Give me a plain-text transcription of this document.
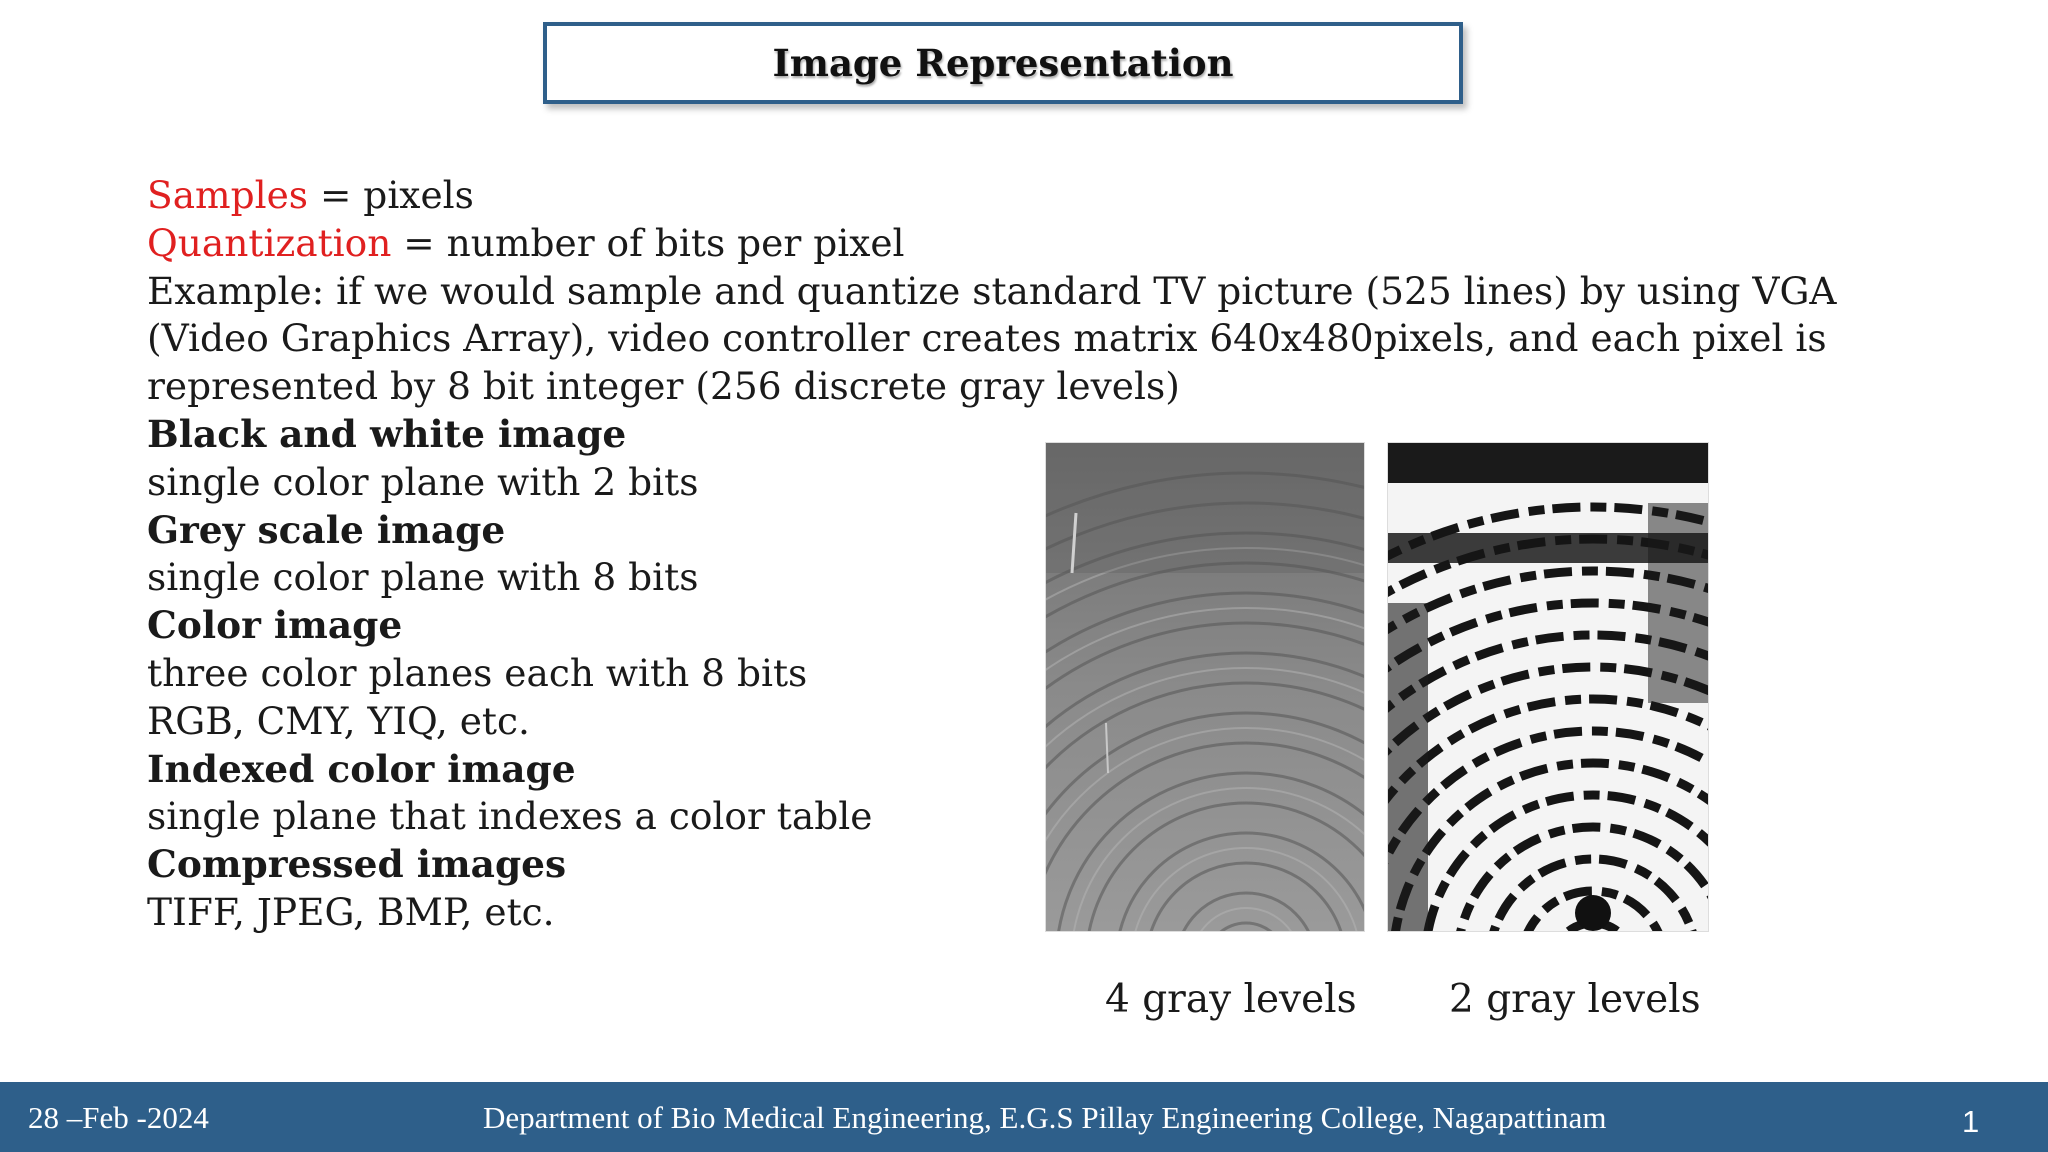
Image Representation

Samples = pixels

Quantization = number of bits per pixel

Example: if we would sample and quantize standard TV picture (525 lines) by using VGA

(Video Graphics Array), video controller creates matrix 640x480pixels, and each pixel is

represented by 8 bit integer (256 discrete gray levels)

Black and white image

single color plane with 2 bits

Grey scale image

single color plane with 8 bits

Color image

three color planes each with 8 bits

RGB, CMY, YIQ, etc.

Indexed color image

single plane that indexes a color table

Compressed images

TIFF, JPEG, BMP, etc.

4 gray levels 2 gray levels
28 –Feb -2024	Department of Bio Medical Engineering, E.G.S Pillay Engineering College, Nagapattinam	1
